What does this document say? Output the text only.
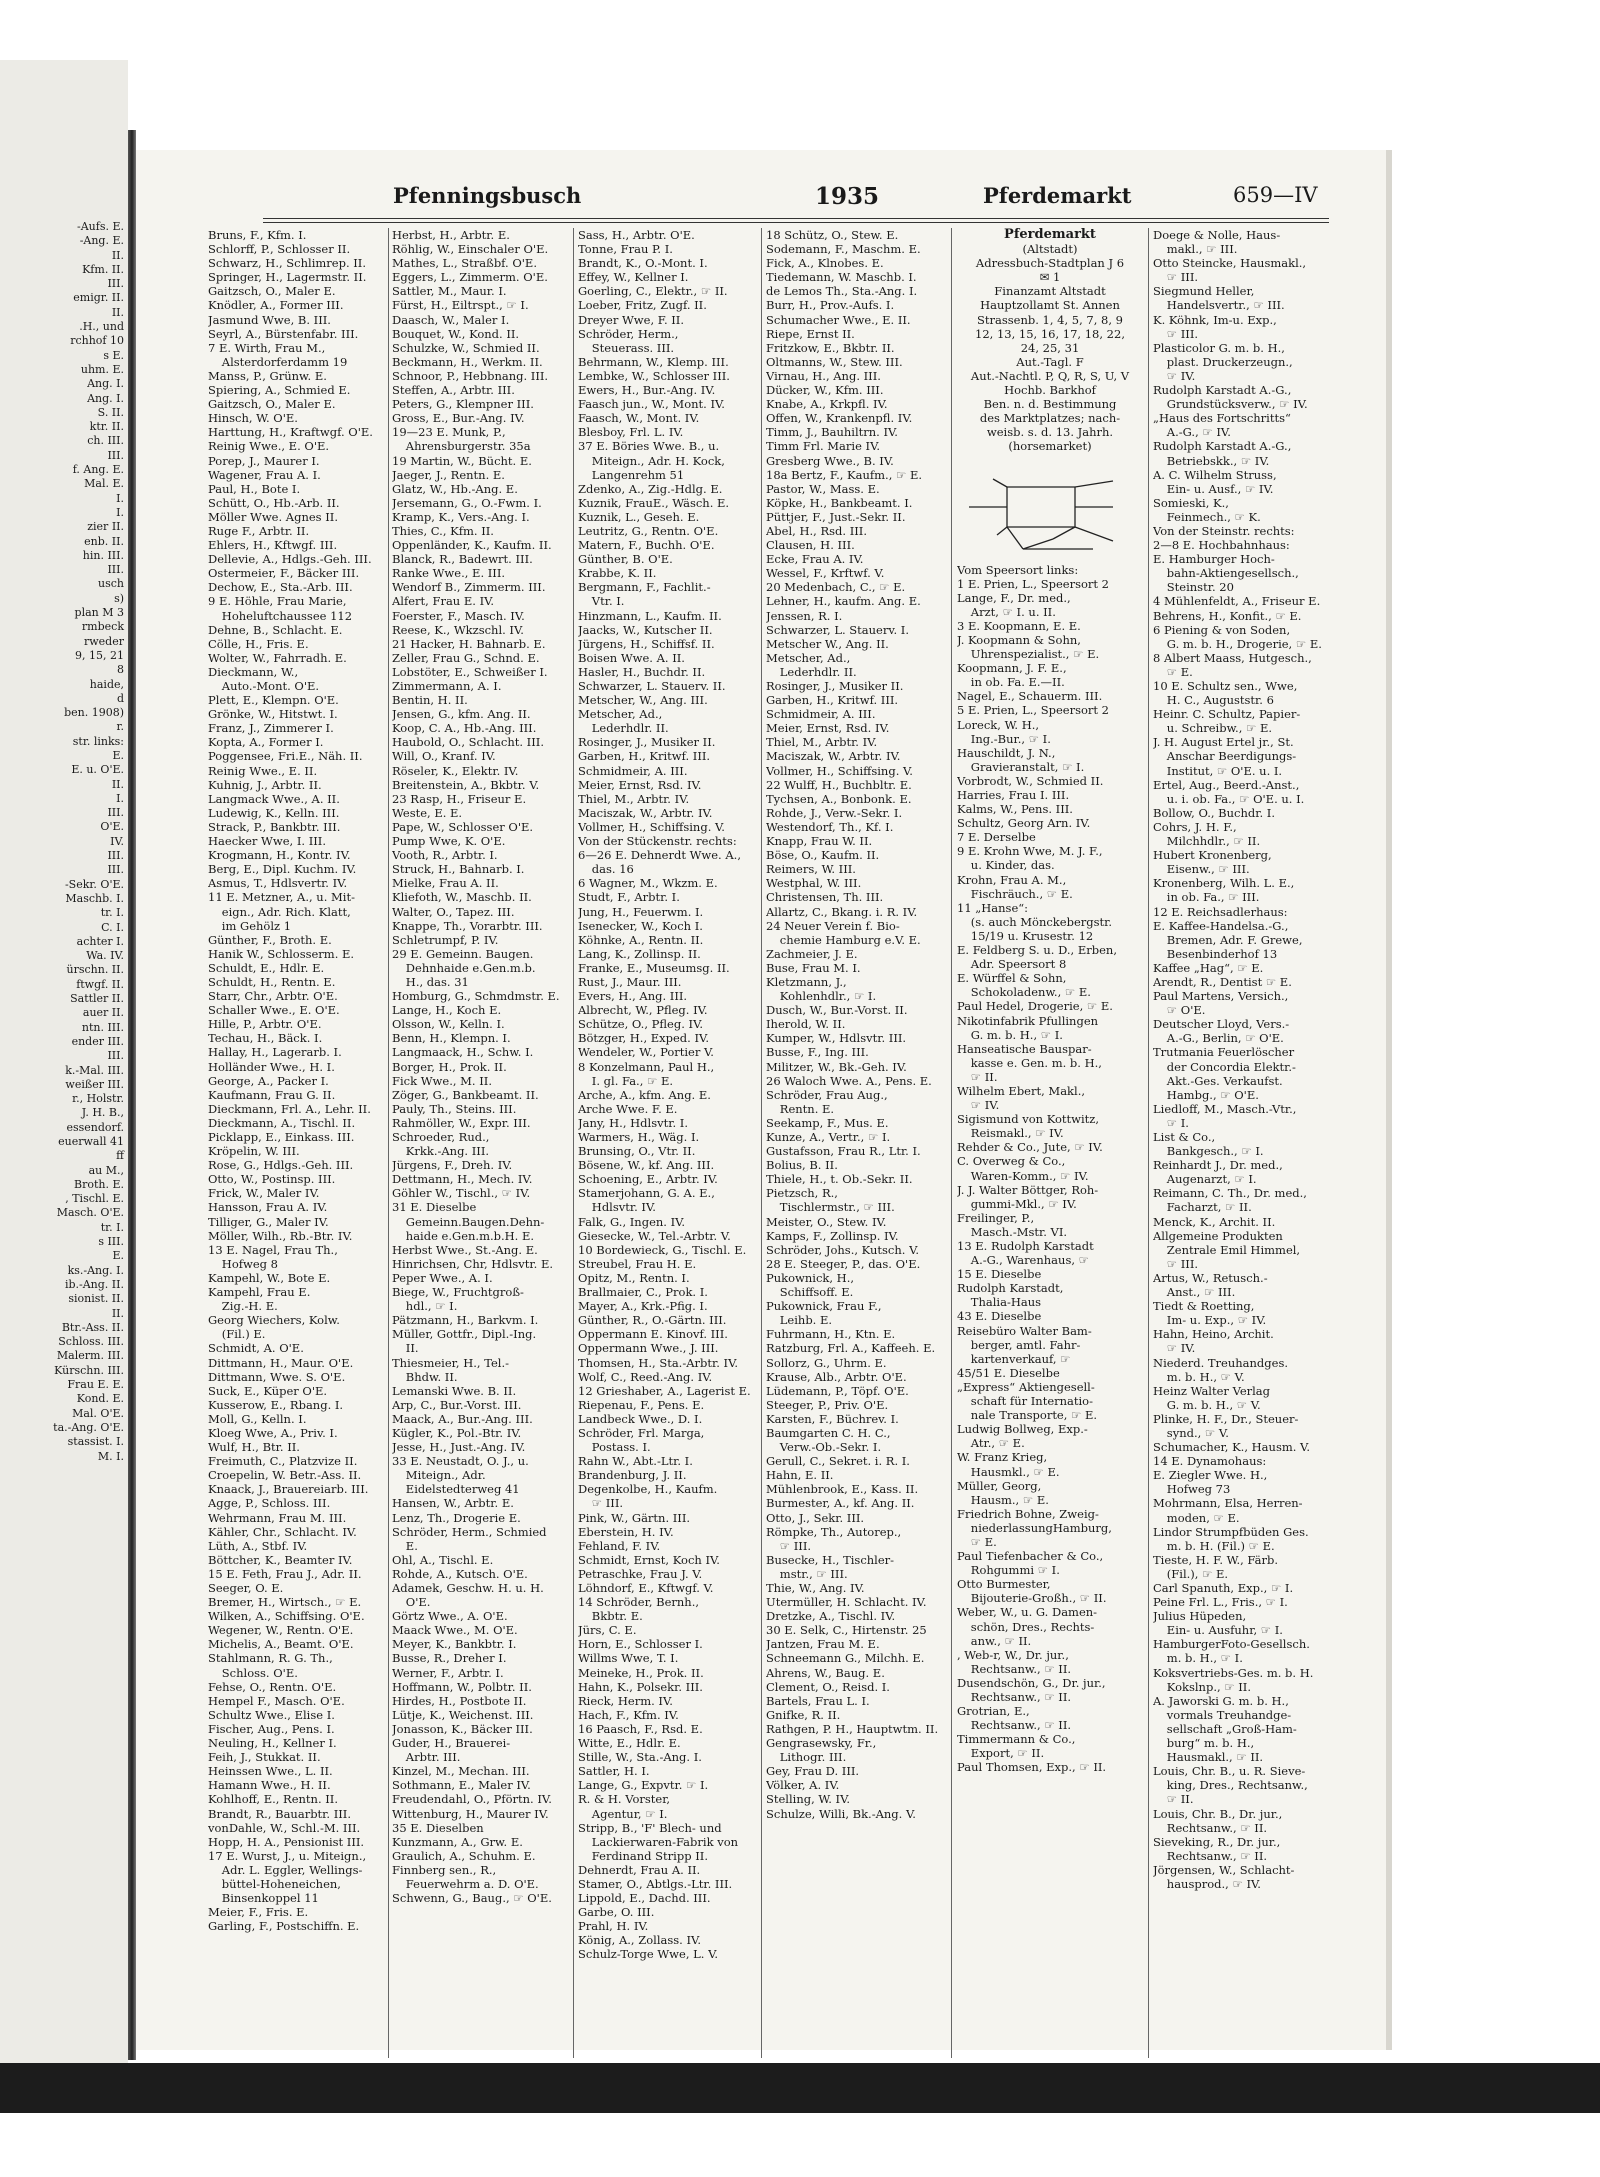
-Aufs. E.
-Ang. E.
II.
Kfm. II.
III.
emigr. II.
II.
.H., und
rchhof 10
s E.
uhm. E.
Ang. I.
Ang. I.
S. II.
ktr. II.
ch. III.
III.
f. Ang. E.
Mal. E.
I.
I.
zier II.
enb. II.
hin. III.
III.
usch
s)
plan M 3
rmbeck
rweder
9, 15, 21
8
haide,
d
ben. 1908)
r.
str. links:
E.
E. u. O'E.
II.
I.
III.
O'E.
IV.
III.
III.
-Sekr. O'E.
Maschb. I.
tr. I.
C. I.
achter I.
Wa. IV.
ürschn. II.
ftwgf. II.
Sattler II.
auer II.
ntn. III.
ender III.
III.
k.-Mal. III.
weißer III.
r., Holstr.
J. H. B.,
essendorf.
euerwall 41
ff
au M.,
Broth. E.
, Tischl. E.
Masch. O'E.
tr. I.
s III.
E.
ks.-Ang. I.
ib.-Ang. II.
sionist. II.
II.
Btr.-Ass. II.
Schloss. III.
Malerm. III.
Kürschn. III.
Frau E. E.
Kond. E.
Mal. O'E.
ta.-Ang. O'E.
stassist. I.
M. I.
Pfenningsbusch	1935	Pferdemarkt	659—IV
Bruns, F., Kfm. I.
Schlorff, P., Schlosser II.
Schwarz, H., Schlimrep. II.
Springer, H., Lagermstr. II.
Gaitzsch, O., Maler E.
Knödler, A., Former III.
Jasmund Wwe, B. III.
Seyrl, A., Bürstenfabr. III.
7 E. Wirth, Frau M.,
Alsterdorferdamm 19
Manss, P., Grünw. E.
Spiering, A., Schmied E.
Gaitzsch, O., Maler E.
Hinsch, W. O'E.
Harttung, H., Kraftwgf. O'E.
Reinig Wwe., E. O'E.
Porep, J., Maurer I.
Wagener, Frau A. I.
Paul, H., Bote I.
Schütt, O., Hb.-Arb. II.
Möller Wwe. Agnes II.
Ruge F., Arbtr. II.
Ehlers, H., Kftwgf. III.
Dellevie, A., Hdlgs.-Geh. III.
Ostermeier, F., Bäcker III.
Dechow, E., Sta.-Arb. III.
9 E. Höhle, Frau Marie,
Hoheluftchaussee 112
Dehne, B., Schlacht. E.
Cölle, H., Fris. E.
Wolter, W., Fahrradh. E.
Dieckmann, W.,
Auto.-Mont. O'E.
Plett, E., Klempn. O'E.
Grönke, W., Hitstwt. I.
Franz, J., Zimmerer I.
Kopta, A., Former I.
Poggensee, Fri.E., Näh. II.
Reinig Wwe., E. II.
Kuhnig, J., Arbtr. II.
Langmack Wwe., A. II.
Ludewig, K., Kelln. III.
Strack, P., Bankbtr. III.
Haecker Wwe, I. III.
Krogmann, H., Kontr. IV.
Berg, E., Dipl. Kuchm. IV.
Asmus, T., Hdlsvertr. IV.
11 E. Metzner, A., u. Mit-
eign., Adr. Rich. Klatt,
im Gehölz 1
Günther, F., Broth. E.
Hanik W., Schlosserm. E.
Schuldt, E., Hdlr. E.
Schuldt, H., Rentn. E.
Starr, Chr., Arbtr. O'E.
Schaller Wwe., E. O'E.
Hille, P., Arbtr. O'E.
Techau, H., Bäck. I.
Hallay, H., Lagerarb. I.
Holländer Wwe., H. I.
George, A., Packer I.
Kaufmann, Frau G. II.
Dieckmann, Frl. A., Lehr. II.
Dieckmann, A., Tischl. II.
Picklapp, E., Einkass. III.
Kröpelin, W. III.
Rose, G., Hdlgs.-Geh. III.
Otto, W., Postinsp. III.
Frick, W., Maler IV.
Hansson, Frau A. IV.
Tilliger, G., Maler IV.
Möller, Wilh., Rb.-Btr. IV.
13 E. Nagel, Frau Th.,
Hofweg 8
Kampehl, W., Bote E.
Kampehl, Frau E.
Zig.-H. E.
Georg Wiechers, Kolw.
(Fil.) E.
Schmidt, A. O'E.
Dittmann, H., Maur. O'E.
Dittmann, Wwe. S. O'E.
Suck, E., Küper O'E.
Kusserow, E., Rbang. I.
Moll, G., Kelln. I.
Kloeg Wwe, A., Priv. I.
Wulf, H., Btr. II.
Freimuth, C., Platzvize II.
Croepelin, W. Betr.-Ass. II.
Knaack, J., Brauereiarb. III.
Agge, P., Schloss. III.
Wehrmann, Frau M. III.
Kähler, Chr., Schlacht. IV.
Lüth, A., Stbf. IV.
Böttcher, K., Beamter IV.
15 E. Feth, Frau J., Adr. II.
Seeger, O. E.
Bremer, H., Wirtsch., ☞ E.
Wilken, A., Schiffsing. O'E.
Wegener, W., Rentn. O'E.
Michelis, A., Beamt. O'E.
Stahlmann, R. G. Th.,
Schloss. O'E.
Fehse, O., Rentn. O'E.
Hempel F., Masch. O'E.
Schultz Wwe., Elise I.
Fischer, Aug., Pens. I.
Neuling, H., Kellner I.
Feih, J., Stukkat. II.
Heinssen Wwe., L. II.
Hamann Wwe., H. II.
Kohlhoff, E., Rentn. II.
Brandt, R., Bauarbtr. III.
vonDahle, W., Schl.-M. III.
Hopp, H. A., Pensionist III.
17 E. Wurst, J., u. Miteign.,
Adr. L. Eggler, Wellings-
büttel-Hoheneichen,
Binsenkoppel 11
Meier, F., Fris. E.
Garling, F., Postschiffn. E.
Herbst, H., Arbtr. E.
Röhlig, W., Einschaler O'E.
Mathes, L., Straßbf. O'E.
Eggers, L., Zimmerm. O'E.
Sattler, M., Maur. I.
Fürst, H., Eiltrspt., ☞ I.
Daasch, W., Maler I.
Bouquet, W., Kond. II.
Schulzke, W., Schmied II.
Beckmann, H., Werkm. II.
Schnoor, P., Hebbnang. III.
Steffen, A., Arbtr. III.
Peters, G., Klempner III.
Gross, E., Bur.-Ang. IV.
19—23 E. Munk, P.,
Ahrensburgerstr. 35a
19 Martin, W., Bücht. E.
Jaeger, J., Rentn. E.
Glatz, W., Hb.-Ang. E.
Jersemann, G., O.-Fwm. I.
Kramp, K., Vers.-Ang. I.
Thies, C., Kfm. II.
Oppenländer, K., Kaufm. II.
Blanck, R., Badewrt. III.
Ranke Wwe., E. III.
Wendorf B., Zimmerm. III.
Alfert, Frau E. IV.
Foerster, F., Masch. IV.
Reese, K., Wkzschl. IV.
21 Hacker, H. Bahnarb. E.
Zeller, Frau G., Schnd. E.
Lobstöter, E., Schweißer I.
Zimmermann, A. I.
Bentin, H. II.
Jensen, G., kfm. Ang. II.
Koop, C. A., Hb.-Ang. III.
Haubold, O., Schlacht. III.
Will, O., Kranf. IV.
Röseler, K., Elektr. IV.
Breitenstein, A., Bkbtr. V.
23 Rasp, H., Friseur E.
Weste, E. E.
Pape, W., Schlosser O'E.
Pump Wwe, K. O'E.
Vooth, R., Arbtr. I.
Struck, H., Bahnarb. I.
Mielke, Frau A. II.
Kliefoth, W., Maschb. II.
Walter, O., Tapez. III.
Knappe, Th., Vorarbtr. III.
Schletrumpf, P. IV.
29 E. Gemeinn. Baugen.
Dehnhaide e.Gen.m.b.
H., das. 31
Homburg, G., Schmdmstr. E.
Lange, H., Koch E.
Olsson, W., Kelln. I.
Benn, H., Klempn. I.
Langmaack, H., Schw. I.
Borger, H., Prok. II.
Fick Wwe., M. II.
Zöger, G., Bankbeamt. II.
Pauly, Th., Steins. III.
Rahmöller, W., Expr. III.
Schroeder, Rud.,
Krkk.-Ang. III.
Jürgens, F., Dreh. IV.
Dettmann, H., Mech. IV.
Göhler W., Tischl., ☞ IV.
31 E. Dieselbe
Gemeinn.Baugen.Dehn-
haide e.Gen.m.b.H. E.
Herbst Wwe., St.-Ang. E.
Hinrichsen, Chr, Hdlsvtr. E.
Peper Wwe., A. I.
Biege, W., Fruchtgroß-
hdl., ☞ I.
Pätzmann, H., Barkvm. I.
Müller, Gottfr., Dipl.-Ing.
II.
Thiesmeier, H., Tel.-
Bhdw. II.
Lemanski Wwe. B. II.
Arp, C., Bur.-Vorst. III.
Maack, A., Bur.-Ang. III.
Kügler, K., Pol.-Btr. IV.
Jesse, H., Just.-Ang. IV.
33 E. Neustadt, O. J., u.
Miteign., Adr.
Eidelstedterweg 41
Hansen, W., Arbtr. E.
Lenz, Th., Drogerie E.
Schröder, Herm., Schmied
E.
Ohl, A., Tischl. E.
Rohde, A., Kutsch. O'E.
Adamek, Geschw. H. u. H.
O'E.
Görtz Wwe., A. O'E.
Maack Wwe., M. O'E.
Meyer, K., Bankbtr. I.
Busse, R., Dreher I.
Werner, F., Arbtr. I.
Hoffmann, W., Polbtr. II.
Hirdes, H., Postbote II.
Lütje, K., Weichenst. III.
Jonasson, K., Bäcker III.
Guder, H., Brauerei-
Arbtr. III.
Kinzel, M., Mechan. III.
Sothmann, E., Maler IV.
Freudendahl, O., Pförtn. IV.
Wittenburg, H., Maurer IV.
35 E. Dieselben
Kunzmann, A., Grw. E.
Graulich, A., Schuhm. E.
Finnberg sen., R.,
Feuerwehrm a. D. O'E.
Schwenn, G., Baug., ☞ O'E.
Sass, H., Arbtr. O'E.
Tonne, Frau P. I.
Brandt, K., O.-Mont. I.
Effey, W., Kellner I.
Goerling, C., Elektr., ☞ II.
Loeber, Fritz, Zugf. II.
Dreyer Wwe, F. II.
Schröder, Herm.,
Steuerass. III.
Behrmann, W., Klemp. III.
Lembke, W., Schlosser III.
Ewers, H., Bur.-Ang. IV.
Faasch jun., W., Mont. IV.
Faasch, W., Mont. IV.
Blesboy, Frl. L. IV.
37 E. Böries Wwe. B., u.
Miteign., Adr. H. Kock,
Langenrehm 51
Zdenko, A., Zig.-Hdlg. E.
Kuznik, FrauE., Wäsch. E.
Kuznik, L., Geseh. E.
Leutritz, G., Rentn. O'E.
Matern, F., Buchh. O'E.
Günther, B. O'E.
Krabbe, K. II.
Bergmann, F., Fachlit.-
Vtr. I.
Hinzmann, L., Kaufm. II.
Jaacks, W., Kutscher II.
Jürgens, H., Schiffsf. II.
Boisen Wwe. A. II.
Hasler, H., Buchdr. II.
Schwarzer, L. Stauerv. II.
Metscher, W., Ang. III.
Metscher, Ad.,
Lederhdlr. II.
Rosinger, J., Musiker II.
Garben, H., Kritwf. III.
Schmidmeir, A. III.
Meier, Ernst, Rsd. IV.
Thiel, M., Arbtr. IV.
Maciszak, W., Arbtr. IV.
Vollmer, H., Schiffsing. V.
Von der Stückenstr. rechts:
6—26 E. Dehnerdt Wwe. A.,
das. 16
6 Wagner, M., Wkzm. E.
Studt, F., Arbtr. I.
Jung, H., Feuerwm. I.
Isenecker, W., Koch I.
Köhnke, A., Rentn. II.
Lang, K., Zollinsp. II.
Franke, E., Museumsg. II.
Rust, J., Maur. III.
Evers, H., Ang. III.
Albrecht, W., Pfleg. IV.
Schütze, O., Pfleg. IV.
Bötzger, H., Exped. IV.
Wendeler, W., Portier V.
8 Konzelmann, Paul H.,
I. gl. Fa., ☞ E.
Arche, A., kfm. Ang. E.
Arche Wwe. F. E.
Jany, H., Hdlsvtr. I.
Warmers, H., Wäg. I.
Brunsing, O., Vtr. II.
Bösene, W., kf. Ang. III.
Schoening, E., Arbtr. IV.
Stamerjohann, G. A. E.,
Hdlsvtr. IV.
Falk, G., Ingen. IV.
Giesecke, W., Tel.-Arbtr. V.
10 Bordewieck, G., Tischl. E.
Streubel, Frau H. E.
Opitz, M., Rentn. I.
Brallmaier, C., Prok. I.
Mayer, A., Krk.-Pfig. I.
Günther, R., O.-Gärtn. III.
Oppermann E. Kinovf. III.
Oppermann Wwe., J. III.
Thomsen, H., Sta.-Arbtr. IV.
Wolf, C., Reed.-Ang. IV.
12 Grieshaber, A., Lagerist E.
Riepenau, F., Pens. E.
Landbeck Wwe., D. I.
Schröder, Frl. Marga,
Postass. I.
Rahn W., Abt.-Ltr. I.
Brandenburg, J. II.
Degenkolbe, H., Kaufm.
☞ III.
Pink, W., Gärtn. III.
Eberstein, H. IV.
Fehland, F. IV.
Schmidt, Ernst, Koch IV.
Petraschke, Frau J. V.
Löhndorf, E., Kftwgf. V.
14 Schröder, Bernh.,
Bkbtr. E.
Jürs, C. E.
Horn, E., Schlosser I.
Willms Wwe, T. I.
Meineke, H., Prok. II.
Hahn, K., Polsekr. III.
Rieck, Herm. IV.
Hach, F., Kfm. IV.
16 Paasch, F., Rsd. E.
Witte, E., Hdlr. E.
Stille, W., Sta.-Ang. I.
Sattler, H. I.
Lange, G., Expvtr. ☞ I.
R. & H. Vorster,
Agentur, ☞ I.
Stripp, B., 'F' Blech- und
Lackierwaren-Fabrik von
Ferdinand Stripp II.
Dehnerdt, Frau A. II.
Stamer, O., Abtlgs.-Ltr. III.
Lippold, E., Dachd. III.
Garbe, O. III.
Prahl, H. IV.
König, A., Zollass. IV.
Schulz-Torge Wwe, L. V.
18 Schütz, O., Stew. E.
Sodemann, F., Maschm. E.
Fick, A., Klnobes. E.
Tiedemann, W. Maschb. I.
de Lemos Th., Sta.-Ang. I.
Burr, H., Prov.-Aufs. I.
Schumacher Wwe., E. II.
Riepe, Ernst II.
Fritzkow, E., Bkbtr. II.
Oltmanns, W., Stew. III.
Virnau, H., Ang. III.
Dücker, W., Kfm. III.
Knabe, A., Krkpfl. IV.
Offen, W., Krankenpfl. IV.
Timm, J., Bauhiltrn. IV.
Timm Frl. Marie IV.
Gresberg Wwe., B. IV.
18a Bertz, F., Kaufm., ☞ E.
Pastor, W., Mass. E.
Köpke, H., Bankbeamt. I.
Püttjer, F., Just.-Sekr. II.
Abel, H., Rsd. III.
Clausen, H. III.
Ecke, Frau A. IV.
Wessel, F., Krftwf. V.
20 Medenbach, C., ☞ E.
Lehner, H., kaufm. Ang. E.
Jenssen, R. I.
Schwarzer, L. Stauerv. I.
Metscher W., Ang. II.
Metscher, Ad.,
Lederhdlr. II.
Rosinger, J., Musiker II.
Garben, H., Kritwf. III.
Schmidmeir, A. III.
Meier, Ernst, Rsd. IV.
Thiel, M., Arbtr. IV.
Maciszak, W., Arbtr. IV.
Vollmer, H., Schiffsing. V.
22 Wulff, H., Buchbltr. E.
Tychsen, A., Bonbonk. E.
Rohde, J., Verw.-Sekr. I.
Westendorf, Th., Kf. I.
Knapp, Frau W. II.
Böse, O., Kaufm. II.
Reimers, W. III.
Westphal, W. III.
Christensen, Th. III.
Allartz, C., Bkang. i. R. IV.
24 Neuer Verein f. Bio-
chemie Hamburg e.V. E.
Zachmeier, J. E.
Buse, Frau M. I.
Kletzmann, J.,
Kohlenhdlr., ☞ I.
Dusch, W., Bur.-Vorst. II.
Iherold, W. II.
Kumper, W., Hdlsvtr. III.
Busse, F., Ing. III.
Militzer, W., Bk.-Geh. IV.
26 Waloch Wwe. A., Pens. E.
Schröder, Frau Aug.,
Rentn. E.
Seekamp, F., Mus. E.
Kunze, A., Vertr., ☞ I.
Gustafsson, Frau R., Ltr. I.
Bolius, B. II.
Thiele, H., t. Ob.-Sekr. II.
Pietzsch, R.,
Tischlermstr., ☞ III.
Meister, O., Stew. IV.
Kamps, F., Zollinsp. IV.
Schröder, Johs., Kutsch. V.
28 E. Steeger, P., das. O'E.
Pukownick, H.,
Schiffsoff. E.
Pukownick, Frau F.,
Leihb. E.
Fuhrmann, H., Ktn. E.
Ratzburg, Frl. A., Kaffeeh. E.
Sollorz, G., Uhrm. E.
Krause, Alb., Arbtr. O'E.
Lüdemann, P., Töpf. O'E.
Steeger, P., Priv. O'E.
Karsten, F., Büchrev. I.
Baumgarten C. H. C.,
Verw.-Ob.-Sekr. I.
Gerull, C., Sekret. i. R. I.
Hahn, E. II.
Mühlenbrook, E., Kass. II.
Burmester, A., kf. Ang. II.
Otto, J., Sekr. III.
Römpke, Th., Autorep.,
☞ III.
Busecke, H., Tischler-
mstr., ☞ III.
Thie, W., Ang. IV.
Utermüller, H. Schlacht. IV.
Dretzke, A., Tischl. IV.
30 E. Selk, C., Hirtenstr. 25
Jantzen, Frau M. E.
Schneemann G., Milchh. E.
Ahrens, W., Baug. E.
Clement, O., Reisd. I.
Bartels, Frau L. I.
Gnifke, R. II.
Rathgen, P. H., Hauptwtm. II.
Gengrasewsky, Fr.,
Lithogr. III.
Gey, Frau D. III.
Völker, A. IV.
Stelling, W. IV.
Schulze, Willi, Bk.-Ang. V.
Pferdemarkt
(Altstadt)
Adressbuch-Stadtplan J 6
✉ 1
Finanzamt Altstadt
Hauptzollamt St. Annen
Strassenb. 1, 4, 5, 7, 8, 9
12, 13, 15, 16, 17, 18, 22,
24, 25, 31
Aut.-Tagl. F
Aut.-Nachtl. P, Q, R, S, U, V
Hochb. Barkhof
Ben. n. d. Bestimmung
des Marktplatzes; nach-
weisb. s. d. 13. Jahrh.
(horsemarket)
Vom Speersort links:
1 E. Prien, L., Speersort 2
Lange, F., Dr. med.,
Arzt, ☞ I. u. II.
3 E. Koopmann, E. E.
J. Koopmann & Sohn,
Uhrenspezialist., ☞ E.
Koopmann, J. F. E.,
in ob. Fa. E.—II.
Nagel, E., Schauerm. III.
5 E. Prien, L., Speersort 2
Loreck, W. H.,
Ing.-Bur., ☞ I.
Hauschildt, J. N.,
Gravieranstalt, ☞ I.
Vorbrodt, W., Schmied II.
Harries, Frau I. III.
Kalms, W., Pens. III.
Schultz, Georg Arn. IV.
7 E. Derselbe
9 E. Krohn Wwe, M. J. F.,
u. Kinder, das.
Krohn, Frau A. M.,
Fischräuch., ☞ E.
11 „Hanse“:
(s. auch Mönckebergstr.
15/19 u. Krusestr. 12
E. Feldberg S. u. D., Erben,
Adr. Speersort 8
E. Würffel & Sohn,
Schokoladenw., ☞ E.
Paul Hedel, Drogerie, ☞ E.
Nikotinfabrik Pfullingen
G. m. b. H., ☞ I.
Hanseatische Bauspar-
kasse e. Gen. m. b. H.,
☞ II.
Wilhelm Ebert, Makl.,
☞ IV.
Sigismund von Kottwitz,
Reismakl., ☞ IV.
Rehder & Co., Jute, ☞ IV.
C. Overweg & Co.,
Waren-Komm., ☞ IV.
J. J. Walter Böttger, Roh-
gummi-Mkl., ☞ IV.
Freilinger, P.,
Masch.-Mstr. VI.
13 E. Rudolph Karstadt
A.-G., Warenhaus, ☞
15 E. Dieselbe
Rudolph Karstadt,
Thalia-Haus
43 E. Dieselbe
Reisebüro Walter Bam-
berger, amtl. Fahr-
kartenverkauf, ☞
45/51 E. Dieselbe
„Express“ Aktiengesell-
schaft für Internatio-
nale Transporte, ☞ E.
Ludwig Bollweg, Exp.-
Atr., ☞ E.
W. Franz Krieg,
Hausmkl., ☞ E.
Müller, Georg,
Hausm., ☞ E.
Friedrich Bohne, Zweig-
niederlassungHamburg,
☞ E.
Paul Tiefenbacher & Co.,
Rohgummi ☞ I.
Otto Burmester,
Bijouterie-Großh., ☞ II.
Weber, W., u. G. Damen-
schön, Dres., Rechts-
anw., ☞ II.
, Web-r, W., Dr. jur.,
Rechtsanw., ☞ II.
Dusendschön, G., Dr. jur.,
Rechtsanw., ☞ II.
Grotrian, E.,
Rechtsanw., ☞ II.
Timmermann & Co.,
Export, ☞ II.
Paul Thomsen, Exp., ☞ II.
Doege & Nolle, Haus-
makl., ☞ III.
Otto Steincke, Hausmakl.,
☞ III.
Siegmund Heller,
Handelsvertr., ☞ III.
K. Köhnk, Im-u. Exp.,
☞ III.
Plasticolor G. m. b. H.,
plast. Druckerzeugn.,
☞ IV.
Rudolph Karstadt A.-G.,
Grundstücksverw., ☞ IV.
„Haus des Fortschritts“
A.-G., ☞ IV.
Rudolph Karstadt A.-G.,
Betriebskk., ☞ IV.
A. C. Wilhelm Struss,
Ein- u. Ausf., ☞ IV.
Somieski, K.,
Feinmech., ☞ K.
Von der Steinstr. rechts:
2—8 E. Hochbahnhaus:
E. Hamburger Hoch-
bahn-Aktiengesellsch.,
Steinstr. 20
4 Mühlenfeldt, A., Friseur E.
Behrens, H., Konfit., ☞ E.
6 Piening & von Soden,
G. m. b. H., Drogerie, ☞ E.
8 Albert Maass, Hutgesch.,
☞ E.
10 E. Schultz sen., Wwe,
H. C., Auguststr. 6
Heinr. C. Schultz, Papier-
u. Schreibw., ☞ E.
J. H. August Ertel jr., St.
Anschar Beerdigungs-
Institut, ☞ O'E. u. I.
Ertel, Aug., Beerd.-Anst.,
u. i. ob. Fa., ☞ O'E. u. I.
Bollow, O., Buchdr. I.
Cohrs, J. H. F.,
Milchhdlr., ☞ II.
Hubert Kronenberg,
Eisenw., ☞ III.
Kronenberg, Wilh. L. E.,
in ob. Fa., ☞ III.
12 E. Reichsadlerhaus:
E. Kaffee-Handelsa.-G.,
Bremen, Adr. F. Grewe,
Besenbinderhof 13
Kaffee „Hag“, ☞ E.
Arendt, R., Dentist ☞ E.
Paul Martens, Versich.,
☞ O'E.
Deutscher Lloyd, Vers.-
A.-G., Berlin, ☞ O'E.
Trutmania Feuerlöscher
der Concordia Elektr.-
Akt.-Ges. Verkaufst.
Hambg., ☞ O'E.
Liedloff, M., Masch.-Vtr.,
☞ I.
List & Co.,
Bankgesch., ☞ I.
Reinhardt J., Dr. med.,
Augenarzt, ☞ I.
Reimann, C. Th., Dr. med.,
Facharzt, ☞ II.
Menck, K., Archit. II.
Allgemeine Produkten
Zentrale Emil Himmel,
☞ III.
Artus, W., Retusch.-
Anst., ☞ III.
Tiedt & Roetting,
Im- u. Exp., ☞ IV.
Hahn, Heino, Archit.
☞ IV.
Niederd. Treuhandges.
m. b. H., ☞ V.
Heinz Walter Verlag
G. m. b. H., ☞ V.
Plinke, H. F., Dr., Steuer-
synd., ☞ V.
Schumacher, K., Hausm. V.
14 E. Dynamohaus:
E. Ziegler Wwe. H.,
Hofweg 73
Mohrmann, Elsa, Herren-
moden, ☞ E.
Lindor Strumpfbüden Ges.
m. b. H. (Fil.) ☞ E.
Tieste, H. F. W., Färb.
(Fil.), ☞ E.
Carl Spanuth, Exp., ☞ I.
Peine Frl. L., Fris., ☞ I.
Julius Hüpeden,
Ein- u. Ausfuhr, ☞ I.
HamburgerFoto-Gesellsch.
m. b. H., ☞ I.
Koksvertriebs-Ges. m. b. H.
Kokslnp., ☞ II.
A. Jaworski G. m. b. H.,
vormals Treuhandge-
sellschaft „Groß-Ham-
burg“ m. b. H.,
Hausmakl., ☞ II.
Louis, Chr. B., u. R. Sieve-
king, Dres., Rechtsanw.,
☞ II.
Louis, Chr. B., Dr. jur.,
Rechtsanw., ☞ II.
Sieveking, R., Dr. jur.,
Rechtsanw., ☞ II.
Jörgensen, W., Schlacht-
hausprod., ☞ IV.
